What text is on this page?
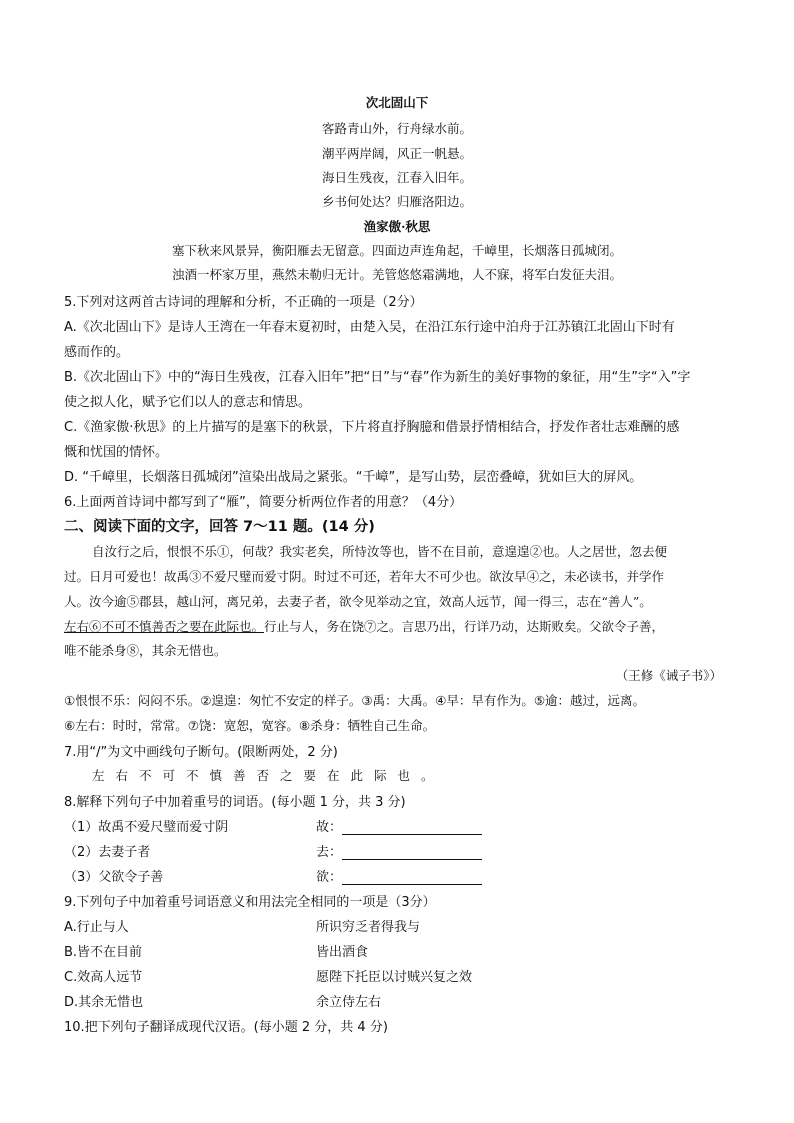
次北固山下
客路青山外，行舟绿水前。
潮平两岸阔，风正一帆悬。
海日生残夜，江春入旧年。
乡书何处达？归雁洛阳边。
渔家傲·秋思
塞下秋来风景异，衡阳雁去无留意。四面边声连角起，千嶂里，长烟落日孤城闭。
浊酒一杯家万里，燕然未勒归无计。羌管悠悠霜满地，人不寐，将军白发征夫泪。
5.下列对这两首古诗词的理解和分析，不正确的一项是（2分）
A.《次北固山下》是诗人王湾在一年春末夏初时，由楚入吴，在沿江东行途中泊舟于江苏镇江北固山下时有
感而作的。
B.《次北固山下》中的“海日生残夜，江春入旧年”把“日”与“春”作为新生的美好事物的象征，用“生”字“入”字
使之拟人化，赋予它们以人的意志和情思。
C.《渔家傲·秋思》的上片描写的是塞下的秋景，下片将直抒胸臆和借景抒情相结合，抒发作者壮志难酬的感
慨和忧国的情怀。
D. “千嶂里，长烟落日孤城闭”渲染出战局之紧张。“千嶂”，是写山势，层峦叠嶂，犹如巨大的屏风。
6.上面两首诗词中都写到了“雁”，简要分析两位作者的用意？（4分）
二、阅读下面的文字，回答 7～11 题。(14 分)
自汝行之后，恨恨不乐①，何哉？我实老矣，所恃汝等也，皆不在目前，意遑遑②也。人之居世，忽去便
过。日月可爱也！故禹③不爱尺璧而爱寸阴。时过不可还，若年大不可少也。欲汝早④之，未必读书，并学作
人。汝今逾⑤郡县，越山河，离兄弟，去妻子者，欲令见举动之宜，效高人远节，闻一得三，志在“善人”。
左右⑥不可不慎善否之要在此际也。行止与人，务在饶⑦之。言思乃出，行详乃动，达斯败矣。父欲令子善，
唯不能杀身⑧，其余无惜也。
（王修《诫子书》）
①恨恨不乐：闷闷不乐。②遑遑：匆忙不安定的样子。③禹：大禹。④早：早有作为。⑤逾：越过，远离。
⑥左右：时时，常常。⑦饶：宽恕，宽容。⑧杀身：牺牲自己生命。
7.用“/”为文中画线句子断句。(限断两处，2 分)
左右不可不慎善否之要在此际也。
8.解释下列句子中加着重号的词语。(每小题 1 分，共 3 分)
（1）故禹不爱尺璧而爱寸阴	故：
（2）去妻子者	去：
（3）父欲令子善	欲：
9.下列句子中加着重号词语意义和用法完全相同的一项是（3分）
A.行止与人	所识穷乏者得我与
B.皆不在目前	皆出酒食
C.效高人远节	愿陛下托臣以讨贼兴复之效
D.其余无惜也	余立侍左右
10.把下列句子翻译成现代汉语。(每小题 2 分，共 4 分)
